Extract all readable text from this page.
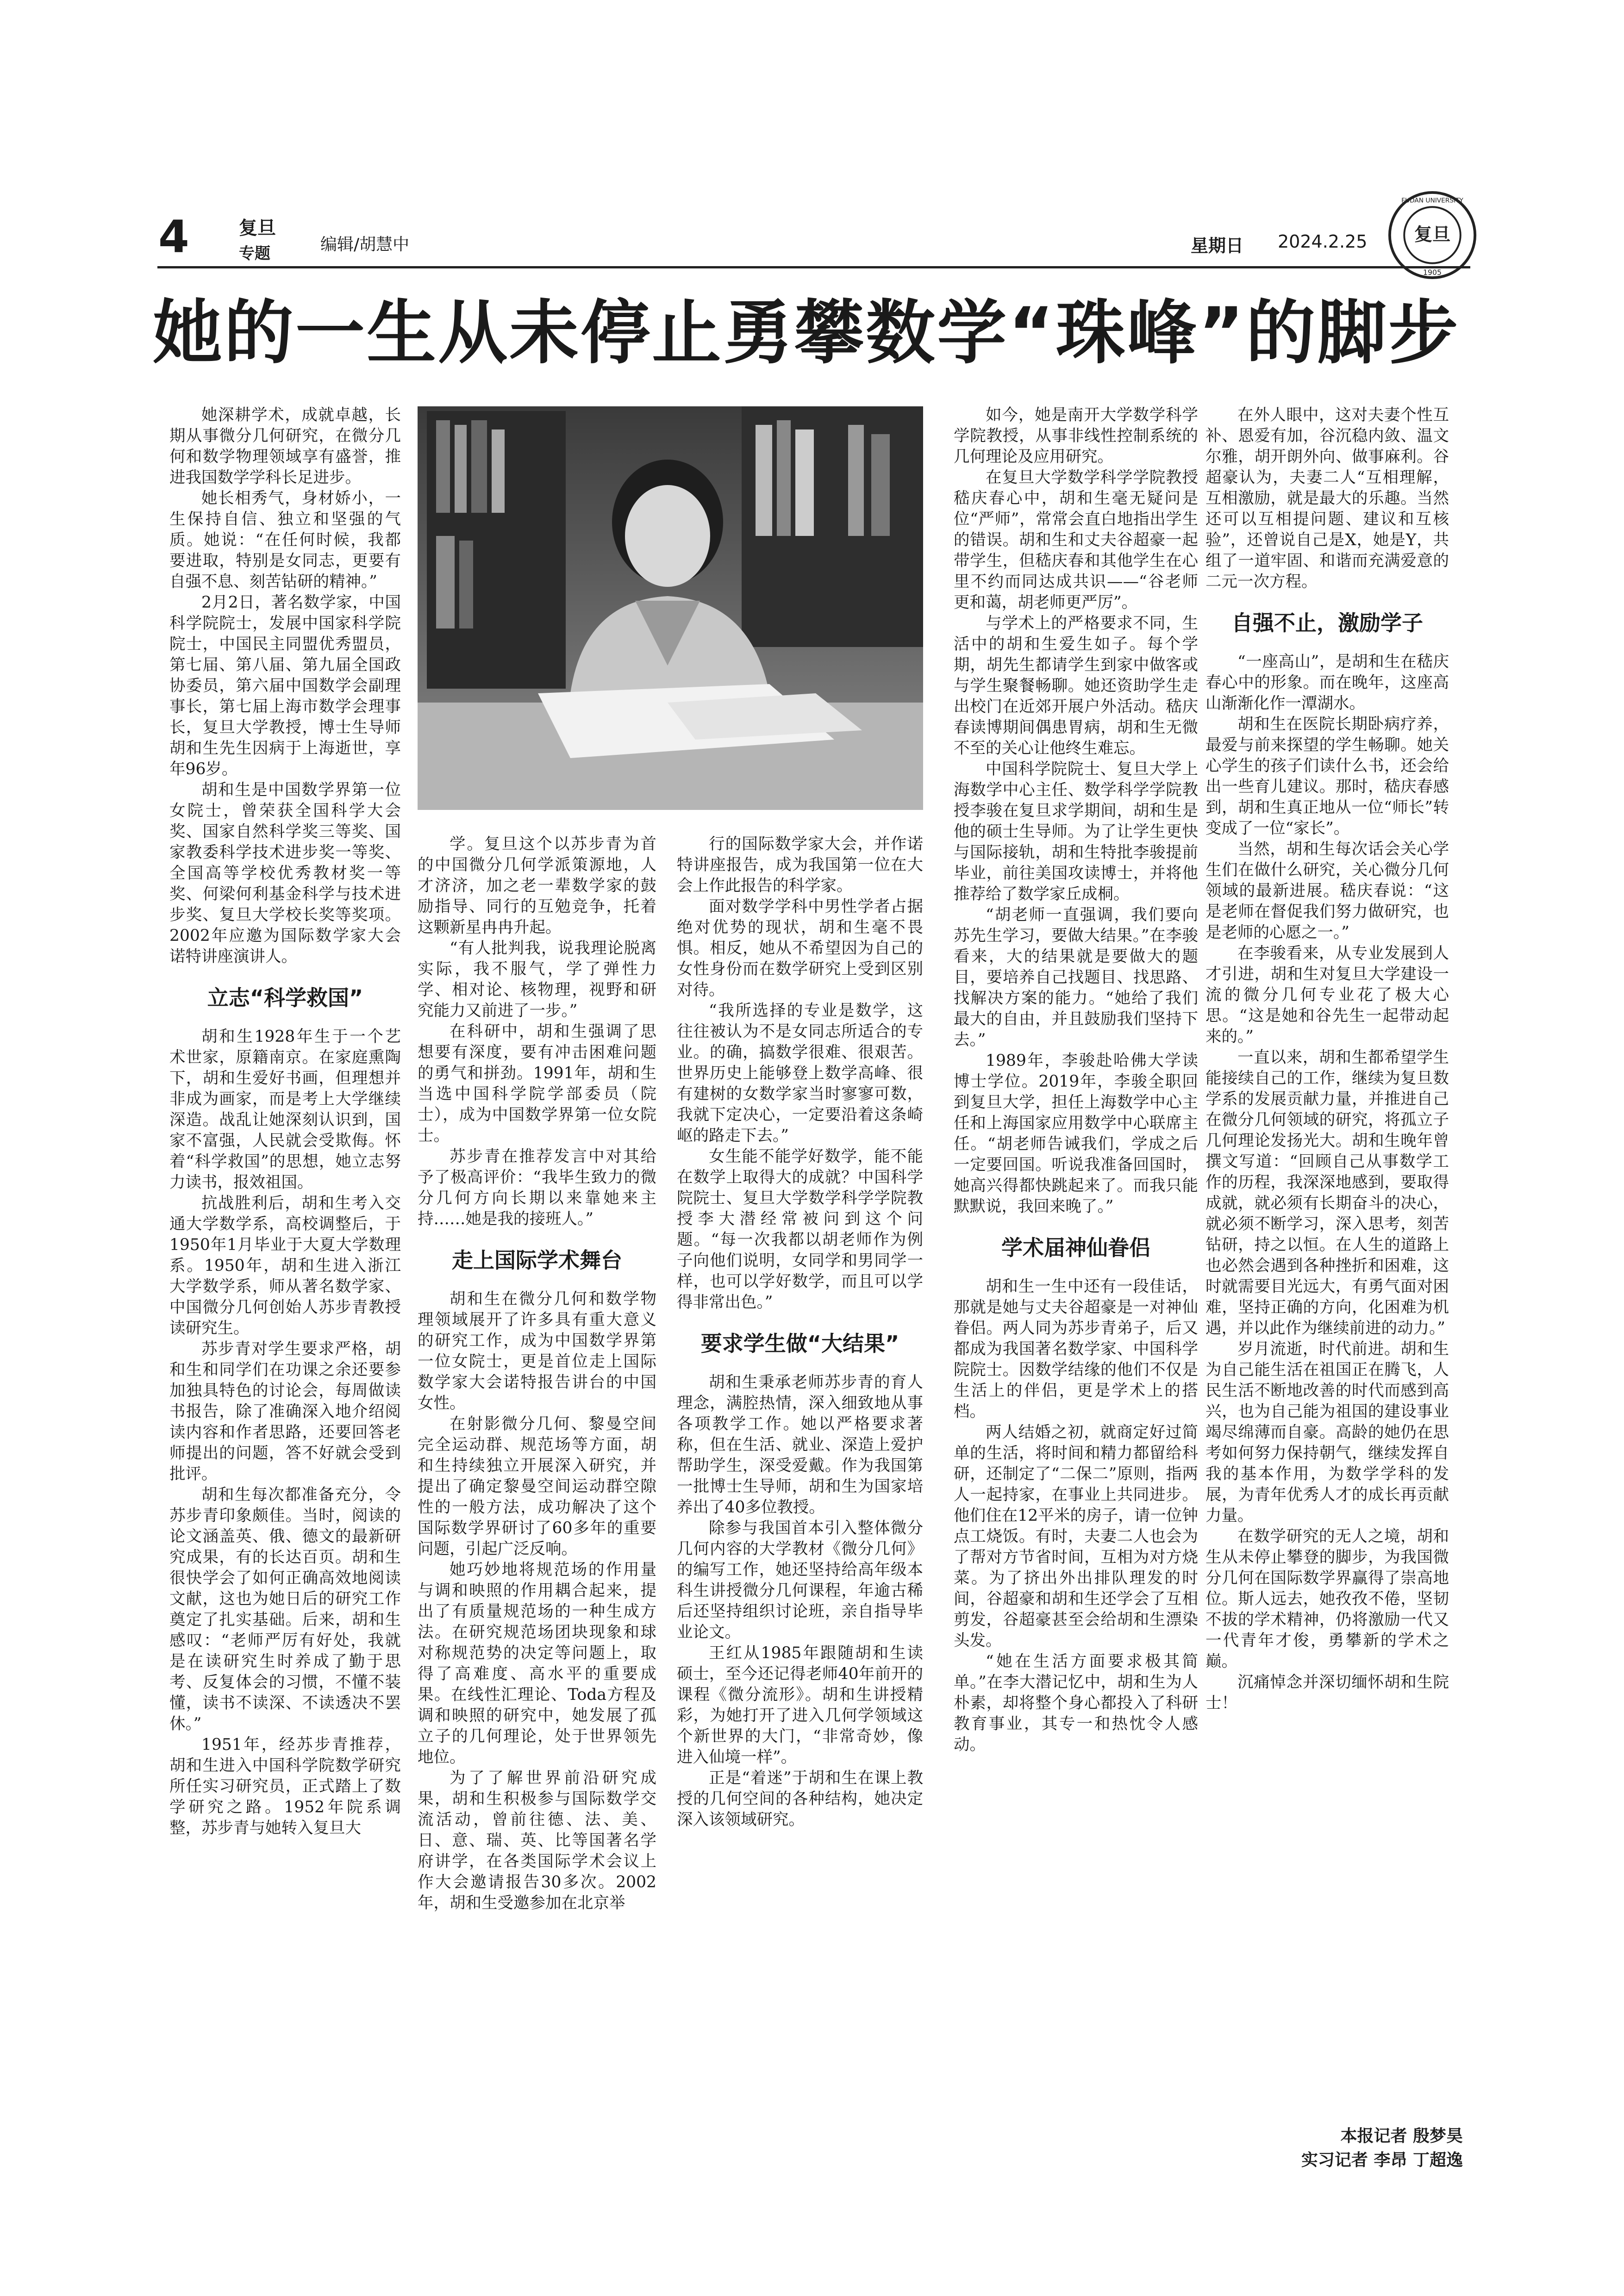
4	复旦
专题	编辑/胡慧中	星期日 2024.2.25	复旦
FUDAN UNIVERSITY
1905
她的一生从未停止勇攀数学“珠峰”的脚步

她深耕学术，成就卓越，长期从事微分几何研究，在微分几何和数学物理领域享有盛誉，推进我国数学学科长足进步。

她长相秀气，身材娇小，一生保持自信、独立和坚强的气质。她说：“在任何时候，我都要进取，特别是女同志，更要有自强不息、刻苦钻研的精神。”

2月2日，著名数学家，中国科学院院士，发展中国家科学院院士，中国民主同盟优秀盟员，第七届、第八届、第九届全国政协委员，第六届中国数学会副理事长，第七届上海市数学会理事长，复旦大学教授，博士生导师胡和生先生因病于上海逝世，享年96岁。

胡和生是中国数学界第一位女院士，曾荣获全国科学大会奖、国家自然科学奖三等奖、国家教委科学技术进步奖一等奖、全国高等学校优秀教材奖一等奖、何梁何利基金科学与技术进步奖、复旦大学校长奖等奖项。2002年应邀为国际数学家大会诺特讲座演讲人。

立志“科学救国”

胡和生1928年生于一个艺术世家，原籍南京。在家庭熏陶下，胡和生爱好书画，但理想并非成为画家，而是考上大学继续深造。战乱让她深刻认识到，国家不富强，人民就会受欺侮。怀着“科学救国”的思想，她立志努力读书，报效祖国。

抗战胜利后，胡和生考入交通大学数学系，高校调整后，于1950年1月毕业于大夏大学数理系。1950年，胡和生进入浙江大学数学系，师从著名数学家、中国微分几何创始人苏步青教授读研究生。

苏步青对学生要求严格，胡和生和同学们在功课之余还要参加独具特色的讨论会，每周做读书报告，除了准确深入地介绍阅读内容和作者思路，还要回答老师提出的问题，答不好就会受到批评。

胡和生每次都准备充分，令苏步青印象颇佳。当时，阅读的论文涵盖英、俄、德文的最新研究成果，有的长达百页。胡和生很快学会了如何正确高效地阅读文献，这也为她日后的研究工作奠定了扎实基础。后来，胡和生感叹：“老师严厉有好处，我就是在读研究生时养成了勤于思考、反复体会的习惯，不懂不装懂，读书不读深、不读透决不罢休。”

1951年，经苏步青推荐，胡和生进入中国科学院数学研究所任实习研究员，正式踏上了数学研究之路。1952年院系调整，苏步青与她转入复旦大

学。复旦这个以苏步青为首的中国微分几何学派策源地，人才济济，加之老一辈数学家的鼓励指导、同行的互勉竞争，托着这颗新星冉冉升起。

“有人批判我，说我理论脱离实际，我不服气，学了弹性力学、相对论、核物理，视野和研究能力又前进了一步。”

在科研中，胡和生强调了思想要有深度，要有冲击困难问题的勇气和拼劲。1991年，胡和生当选中国科学院学部委员（院士），成为中国数学界第一位女院士。

苏步青在推荐发言中对其给予了极高评价：“我毕生致力的微分几何方向长期以来靠她来主持……她是我的接班人。”

走上国际学术舞台

胡和生在微分几何和数学物理领域展开了许多具有重大意义的研究工作，成为中国数学界第一位女院士，更是首位走上国际数学家大会诺特报告讲台的中国女性。

在射影微分几何、黎曼空间完全运动群、规范场等方面，胡和生持续独立开展深入研究，并提出了确定黎曼空间运动群空隙性的一般方法，成功解决了这个国际数学界研讨了60多年的重要问题，引起广泛反响。

她巧妙地将规范场的作用量与调和映照的作用耦合起来，提出了有质量规范场的一种生成方法。在研究规范场团块现象和球对称规范势的决定等问题上，取得了高难度、高水平的重要成果。在线性汇理论、Toda方程及调和映照的研究中，她发展了孤立子的几何理论，处于世界领先地位。

为了了解世界前沿研究成果，胡和生积极参与国际数学交流活动，曾前往德、法、美、日、意、瑞、英、比等国著名学府讲学，在各类国际学术会议上作大会邀请报告30多次。2002年，胡和生受邀参加在北京举

行的国际数学家大会，并作诺特讲座报告，成为我国第一位在大会上作此报告的科学家。

面对数学学科中男性学者占据绝对优势的现状，胡和生毫不畏惧。相反，她从不希望因为自己的女性身份而在数学研究上受到区别对待。

“我所选择的专业是数学，这往往被认为不是女同志所适合的专业。的确，搞数学很难、很艰苦。世界历史上能够登上数学高峰、很有建树的女数学家当时寥寥可数，我就下定决心，一定要沿着这条崎岖的路走下去。”

女生能不能学好数学，能不能在数学上取得大的成就？中国科学院院士、复旦大学数学科学学院教授李大潜经常被问到这个问题。“每一次我都以胡老师作为例子向他们说明，女同学和男同学一样，也可以学好数学，而且可以学得非常出色。”

要求学生做“大结果”

胡和生秉承老师苏步青的育人理念，满腔热情，深入细致地从事各项教学工作。她以严格要求著称，但在生活、就业、深造上爱护帮助学生，深受爱戴。作为我国第一批博士生导师，胡和生为国家培养出了40多位教授。

除参与我国首本引入整体微分几何内容的大学教材《微分几何》的编写工作，她还坚持给高年级本科生讲授微分几何课程，年逾古稀后还坚持组织讨论班，亲自指导毕业论文。

王红从1985年跟随胡和生读硕士，至今还记得老师40年前开的课程《微分流形》。胡和生讲授精彩，为她打开了进入几何学领域这个新世界的大门，“非常奇妙，像进入仙境一样”。

正是“着迷”于胡和生在课上教授的几何空间的各种结构，她决定深入该领域研究。

如今，她是南开大学数学科学学院教授，从事非线性控制系统的几何理论及应用研究。

在复旦大学数学科学学院教授嵇庆春心中，胡和生毫无疑问是位“严师”，常常会直白地指出学生的错误。胡和生和丈夫谷超豪一起带学生，但嵇庆春和其他学生在心里不约而同达成共识——“谷老师更和蔼，胡老师更严厉”。

与学术上的严格要求不同，生活中的胡和生爱生如子。每个学期，胡先生都请学生到家中做客或与学生聚餐畅聊。她还资助学生走出校门在近郊开展户外活动。嵇庆春读博期间偶患胃病，胡和生无微不至的关心让他终生难忘。

中国科学院院士、复旦大学上海数学中心主任、数学科学学院教授李骏在复旦求学期间，胡和生是他的硕士生导师。为了让学生更快与国际接轨，胡和生特批李骏提前毕业，前往美国攻读博士，并将他推荐给了数学家丘成桐。

“胡老师一直强调，我们要向苏先生学习，要做大结果。”在李骏看来，大的结果就是要做大的题目，要培养自己找题目、找思路、找解决方案的能力。“她给了我们最大的自由，并且鼓励我们坚持下去。”

1989年，李骏赴哈佛大学读博士学位。2019年，李骏全职回到复旦大学，担任上海数学中心主任和上海国家应用数学中心联席主任。“胡老师告诫我们，学成之后一定要回国。听说我准备回国时，她高兴得都快跳起来了。而我只能默默说，我回来晚了。”

学术届神仙眷侣

胡和生一生中还有一段佳话，那就是她与丈夫谷超豪是一对神仙眷侣。两人同为苏步青弟子，后又都成为我国著名数学家、中国科学院院士。因数学结缘的他们不仅是生活上的伴侣，更是学术上的搭档。

两人结婚之初，就商定好过简单的生活，将时间和精力都留给科研，还制定了“二保二”原则，指两人一起持家，在事业上共同进步。他们住在12平米的房子，请一位钟点工烧饭。有时，夫妻二人也会为了帮对方节省时间，互相为对方烧菜。为了挤出外出排队理发的时间，谷超豪和胡和生还学会了互相剪发，谷超豪甚至会给胡和生漂染头发。

“她在生活方面要求极其简单。”在李大潜记忆中，胡和生为人朴素，却将整个身心都投入了科研教育事业，其专一和热忱令人感动。

在外人眼中，这对夫妻个性互补、恩爱有加，谷沉稳内敛、温文尔雅，胡开朗外向、做事麻利。谷超豪认为，夫妻二人“互相理解，互相激励，就是最大的乐趣。当然还可以互相提问题、建议和互核验”，还曾说自己是X，她是Y，共组了一道牢固、和谐而充满爱意的二元一次方程。

自强不止，激励学子

“一座高山”，是胡和生在嵇庆春心中的形象。而在晚年，这座高山渐渐化作一潭湖水。

胡和生在医院长期卧病疗养，最爱与前来探望的学生畅聊。她关心学生的孩子们读什么书，还会给出一些育儿建议。那时，嵇庆春感到，胡和生真正地从一位“师长”转变成了一位“家长”。

当然，胡和生每次话会关心学生们在做什么研究，关心微分几何领域的最新进展。嵇庆春说：“这是老师在督促我们努力做研究，也是老师的心愿之一。”

在李骏看来，从专业发展到人才引进，胡和生对复旦大学建设一流的微分几何专业花了极大心思。“这是她和谷先生一起带动起来的。”

一直以来，胡和生都希望学生能接续自己的工作，继续为复旦数学系的发展贡献力量，并推进自己在微分几何领域的研究，将孤立子几何理论发扬光大。胡和生晚年曾撰文写道：“回顾自己从事数学工作的历程，我深深地感到，要取得成就，就必须有长期奋斗的决心，就必须不断学习，深入思考，刻苦钻研，持之以恒。在人生的道路上也必然会遇到各种挫折和困难，这时就需要目光远大，有勇气面对困难，坚持正确的方向，化困难为机遇，并以此作为继续前进的动力。”

岁月流逝，时代前进。胡和生为自己能生活在祖国正在腾飞，人民生活不断地改善的时代而感到高兴，也为自己能为祖国的建设事业竭尽绵薄而自豪。高龄的她仍在思考如何努力保持朝气，继续发挥自我的基本作用，为数学学科的发展，为青年优秀人才的成长再贡献力量。

在数学研究的无人之境，胡和生从未停止攀登的脚步，为我国微分几何在国际数学界赢得了崇高地位。斯人远去，她孜孜不倦，坚韧不拔的学术精神，仍将激励一代又一代青年才俊，勇攀新的学术之巅。

沉痛悼念并深切缅怀胡和生院士！

本报记者 殷梦昊
实习记者 李昂 丁超逸
